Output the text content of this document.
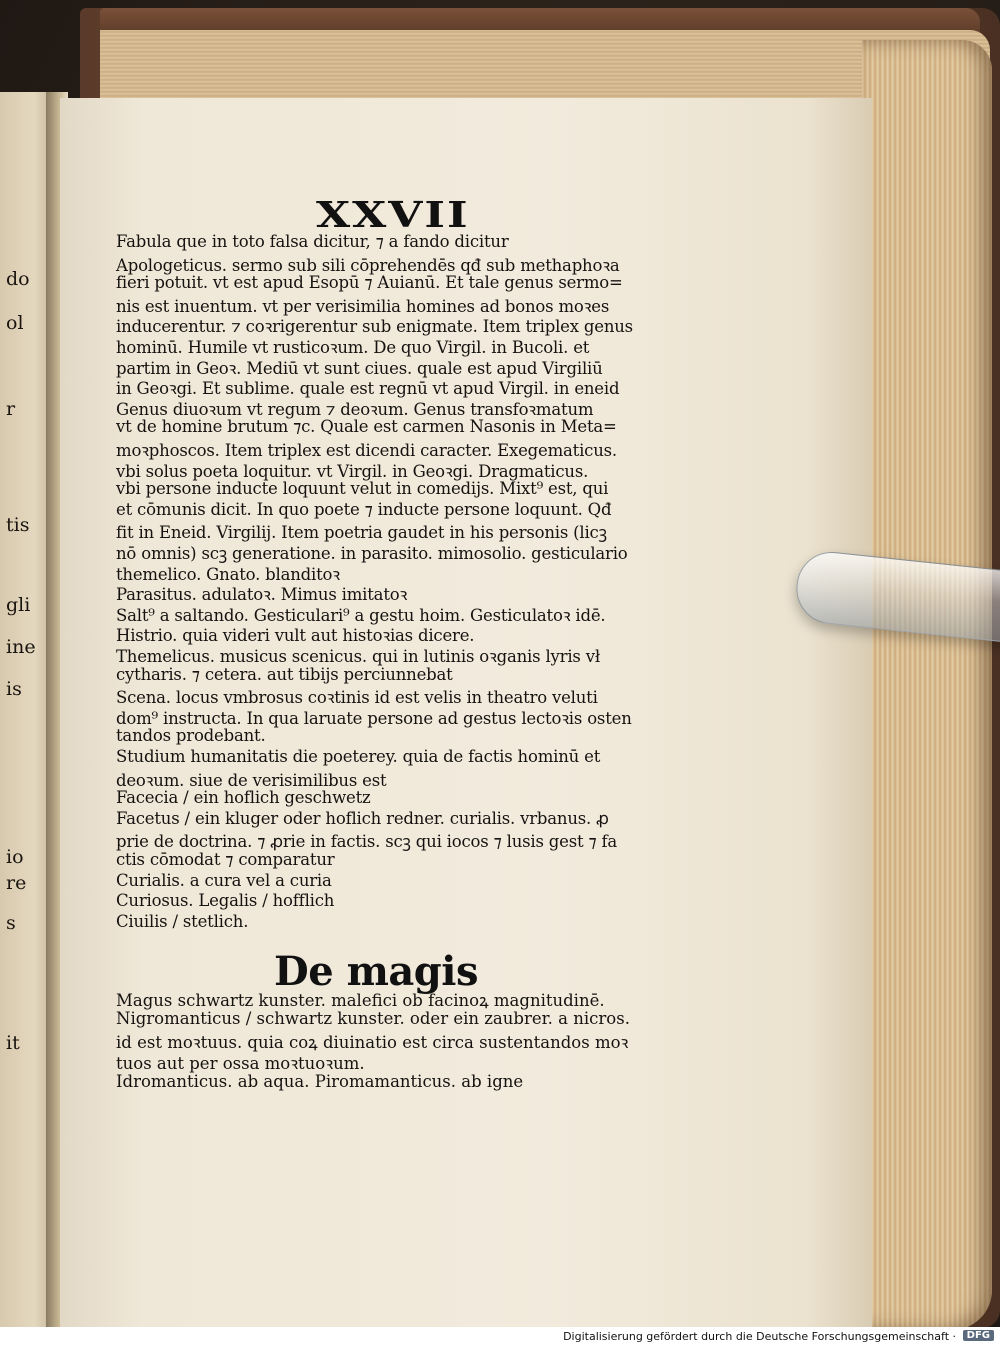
do
ol
r
tis
gli
ine
is
io
re
s
it
XXVII
Fabula que in toto falsa dicitur, ⁊ a fando dicitur
Apologeticus. sermo sub sili cōprehendēs qđ sub methaphoꝛa
fieri potuit. vt est apud Esopū ⁊ Auianū. Et tale genus sermo=
nis est inuentum. vt per verisimilia homines ad bonos moꝛes
inducerentur. ⁊ coꝛrigerentur sub enigmate. Item triplex genus
hominū. Humile vt rusticoꝛum. De quo Virgil. in Bucoli. et
partim in Geoꝛ. Mediū vt sunt ciues. quale est apud Virgiliū
in Geoꝛgi. Et sublime. quale est regnū vt apud Virgil. in eneid
Genus diuoꝛum vt regum ⁊ deoꝛum. Genus transfoꝛmatum
vt de homine brutum ⁊c. Quale est carmen Nasonis in Meta=
moꝛphoscos. Item triplex est dicendi caracter. Exegematicus.
vbi solus poeta loquitur. vt Virgil. in Geoꝛgi. Dragmaticus.
vbi persone inducte loquunt velut in comedijs. Mixt⁹ est, qui
et cōmunis dicit. In quo poete ⁊ inducte persone loquunt. Qđ
fit in Eneid. Virgilij. Item poetria gaudet in his personis (licꝫ
nō omnis) scꝫ generatione. in parasito. mimosolio. gesticulario
themelico. Gnato. blanditoꝛ
Parasitus. adulatoꝛ. Mimus imitatoꝛ
Salt⁹ a saltando. Gesticulari⁹ a gestu hoim. Gesticulatoꝛ idē.
Histrio. quia videri vult aut histoꝛias dicere.
Themelicus. musicus scenicus. qui in lutinis oꝛganis lyris vł
cytharis. ⁊ cetera. aut tibijs perciunnebat
Scena. locus vmbrosus coꝛtinis id est velis in theatro veluti
dom⁹ instructa. In qua laruate persone ad gestus lectoꝛis osten
tandos prodebant.
Studium humanitatis die poeterey. quia de factis hominū et
deoꝛum. siue de verisimilibus est
Facecia / ein hoflich geschwetz
Facetus / ein kluger oder hoflich redner. curialis. vrbanus. ꝓ
prie de doctrina. ⁊ ꝓrie in factis. scꝫ qui iocos ⁊ lusis gest ⁊ fa
ctis cōmodat ⁊ comparatur
Curialis. a cura vel a curia
Curiosus. Legalis / hofflich
Ciuilis / stetlich.
De magis
Magus schwartz kunster. malefici ob facinoꝝ magnitudinē.
Nigromanticus / schwartz kunster. oder ein zaubrer. a nicros.
id est moꝛtuus. quia coꝝ diuinatio est circa sustentandos moꝛ
tuos aut per ossa moꝛtuoꝛum.
Idromanticus. ab aqua. Piromamanticus. ab igne
Digitalisierung gefördert durch die Deutsche Forschungsgemeinschaft ·	DFG
